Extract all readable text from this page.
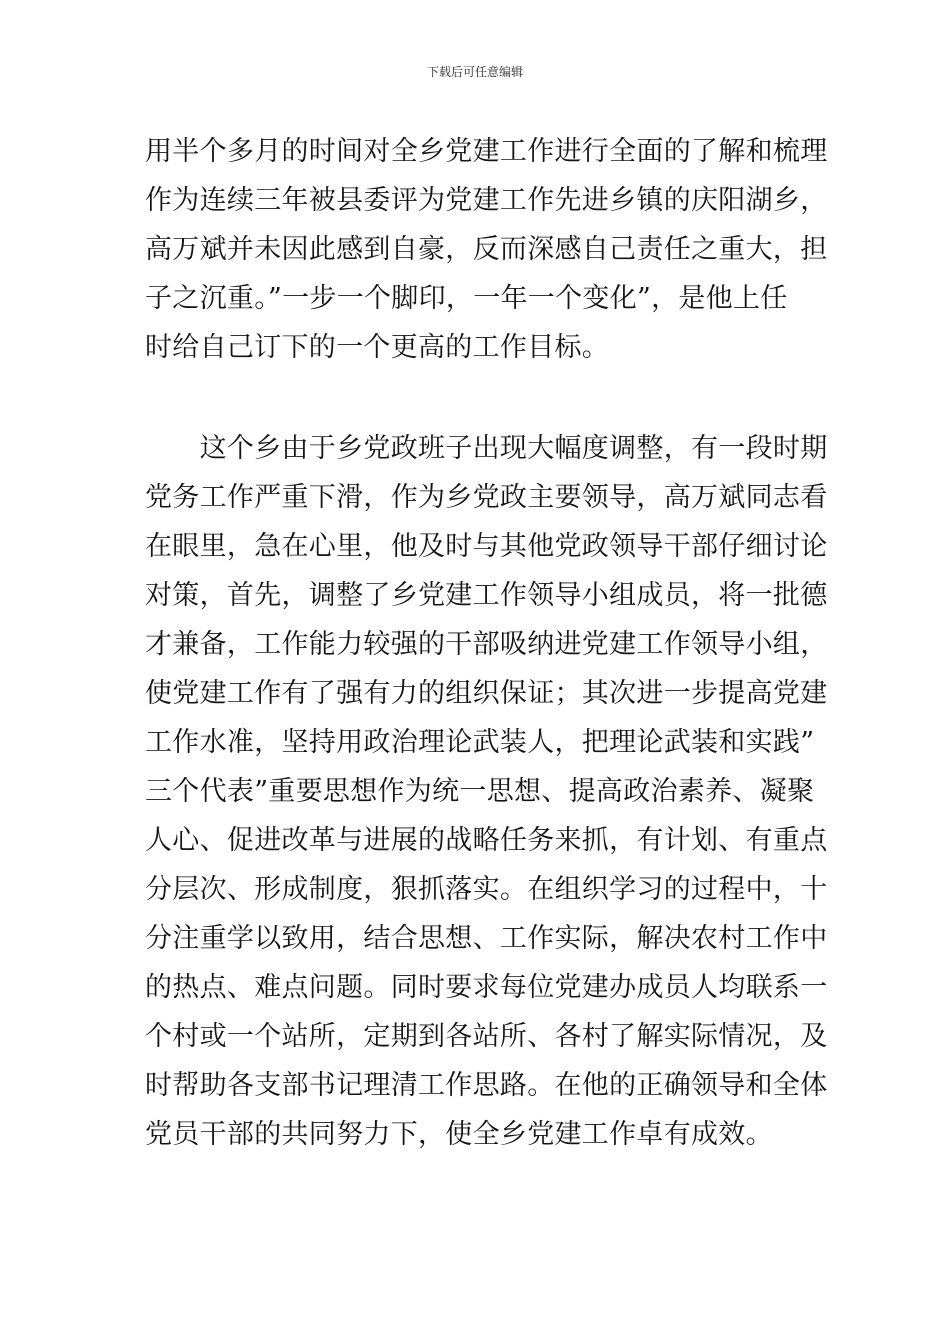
下载后可任意编辑
用半个多月的时间对全乡党建工作进行全面的了解和梳理
作为连续三年被县委评为党建工作先进乡镇的庆阳湖乡，
高万斌并未因此感到自豪，反而深感自己责任之重大，担
子之沉重。”一步一个脚印，一年一个变化”，是他上任
时给自己订下的一个更高的工作目标。
　　这个乡由于乡党政班子出现大幅度调整，有一段时期
党务工作严重下滑，作为乡党政主要领导，高万斌同志看
在眼里，急在心里，他及时与其他党政领导干部仔细讨论
对策，首先，调整了乡党建工作领导小组成员，将一批德
才兼备，工作能力较强的干部吸纳进党建工作领导小组，
使党建工作有了强有力的组织保证；其次进一步提高党建
工作水准，坚持用政治理论武装人，把理论武装和实践”
三个代表”重要思想作为统一思想、提高政治素养、凝聚
人心、促进改革与进展的战略任务来抓，有计划、有重点
分层次、形成制度，狠抓落实。在组织学习的过程中，十
分注重学以致用，结合思想、工作实际，解决农村工作中
的热点、难点问题。同时要求每位党建办成员人均联系一
个村或一个站所，定期到各站所、各村了解实际情况，及
时帮助各支部书记理清工作思路。在他的正确领导和全体
党员干部的共同努力下，使全乡党建工作卓有成效。
